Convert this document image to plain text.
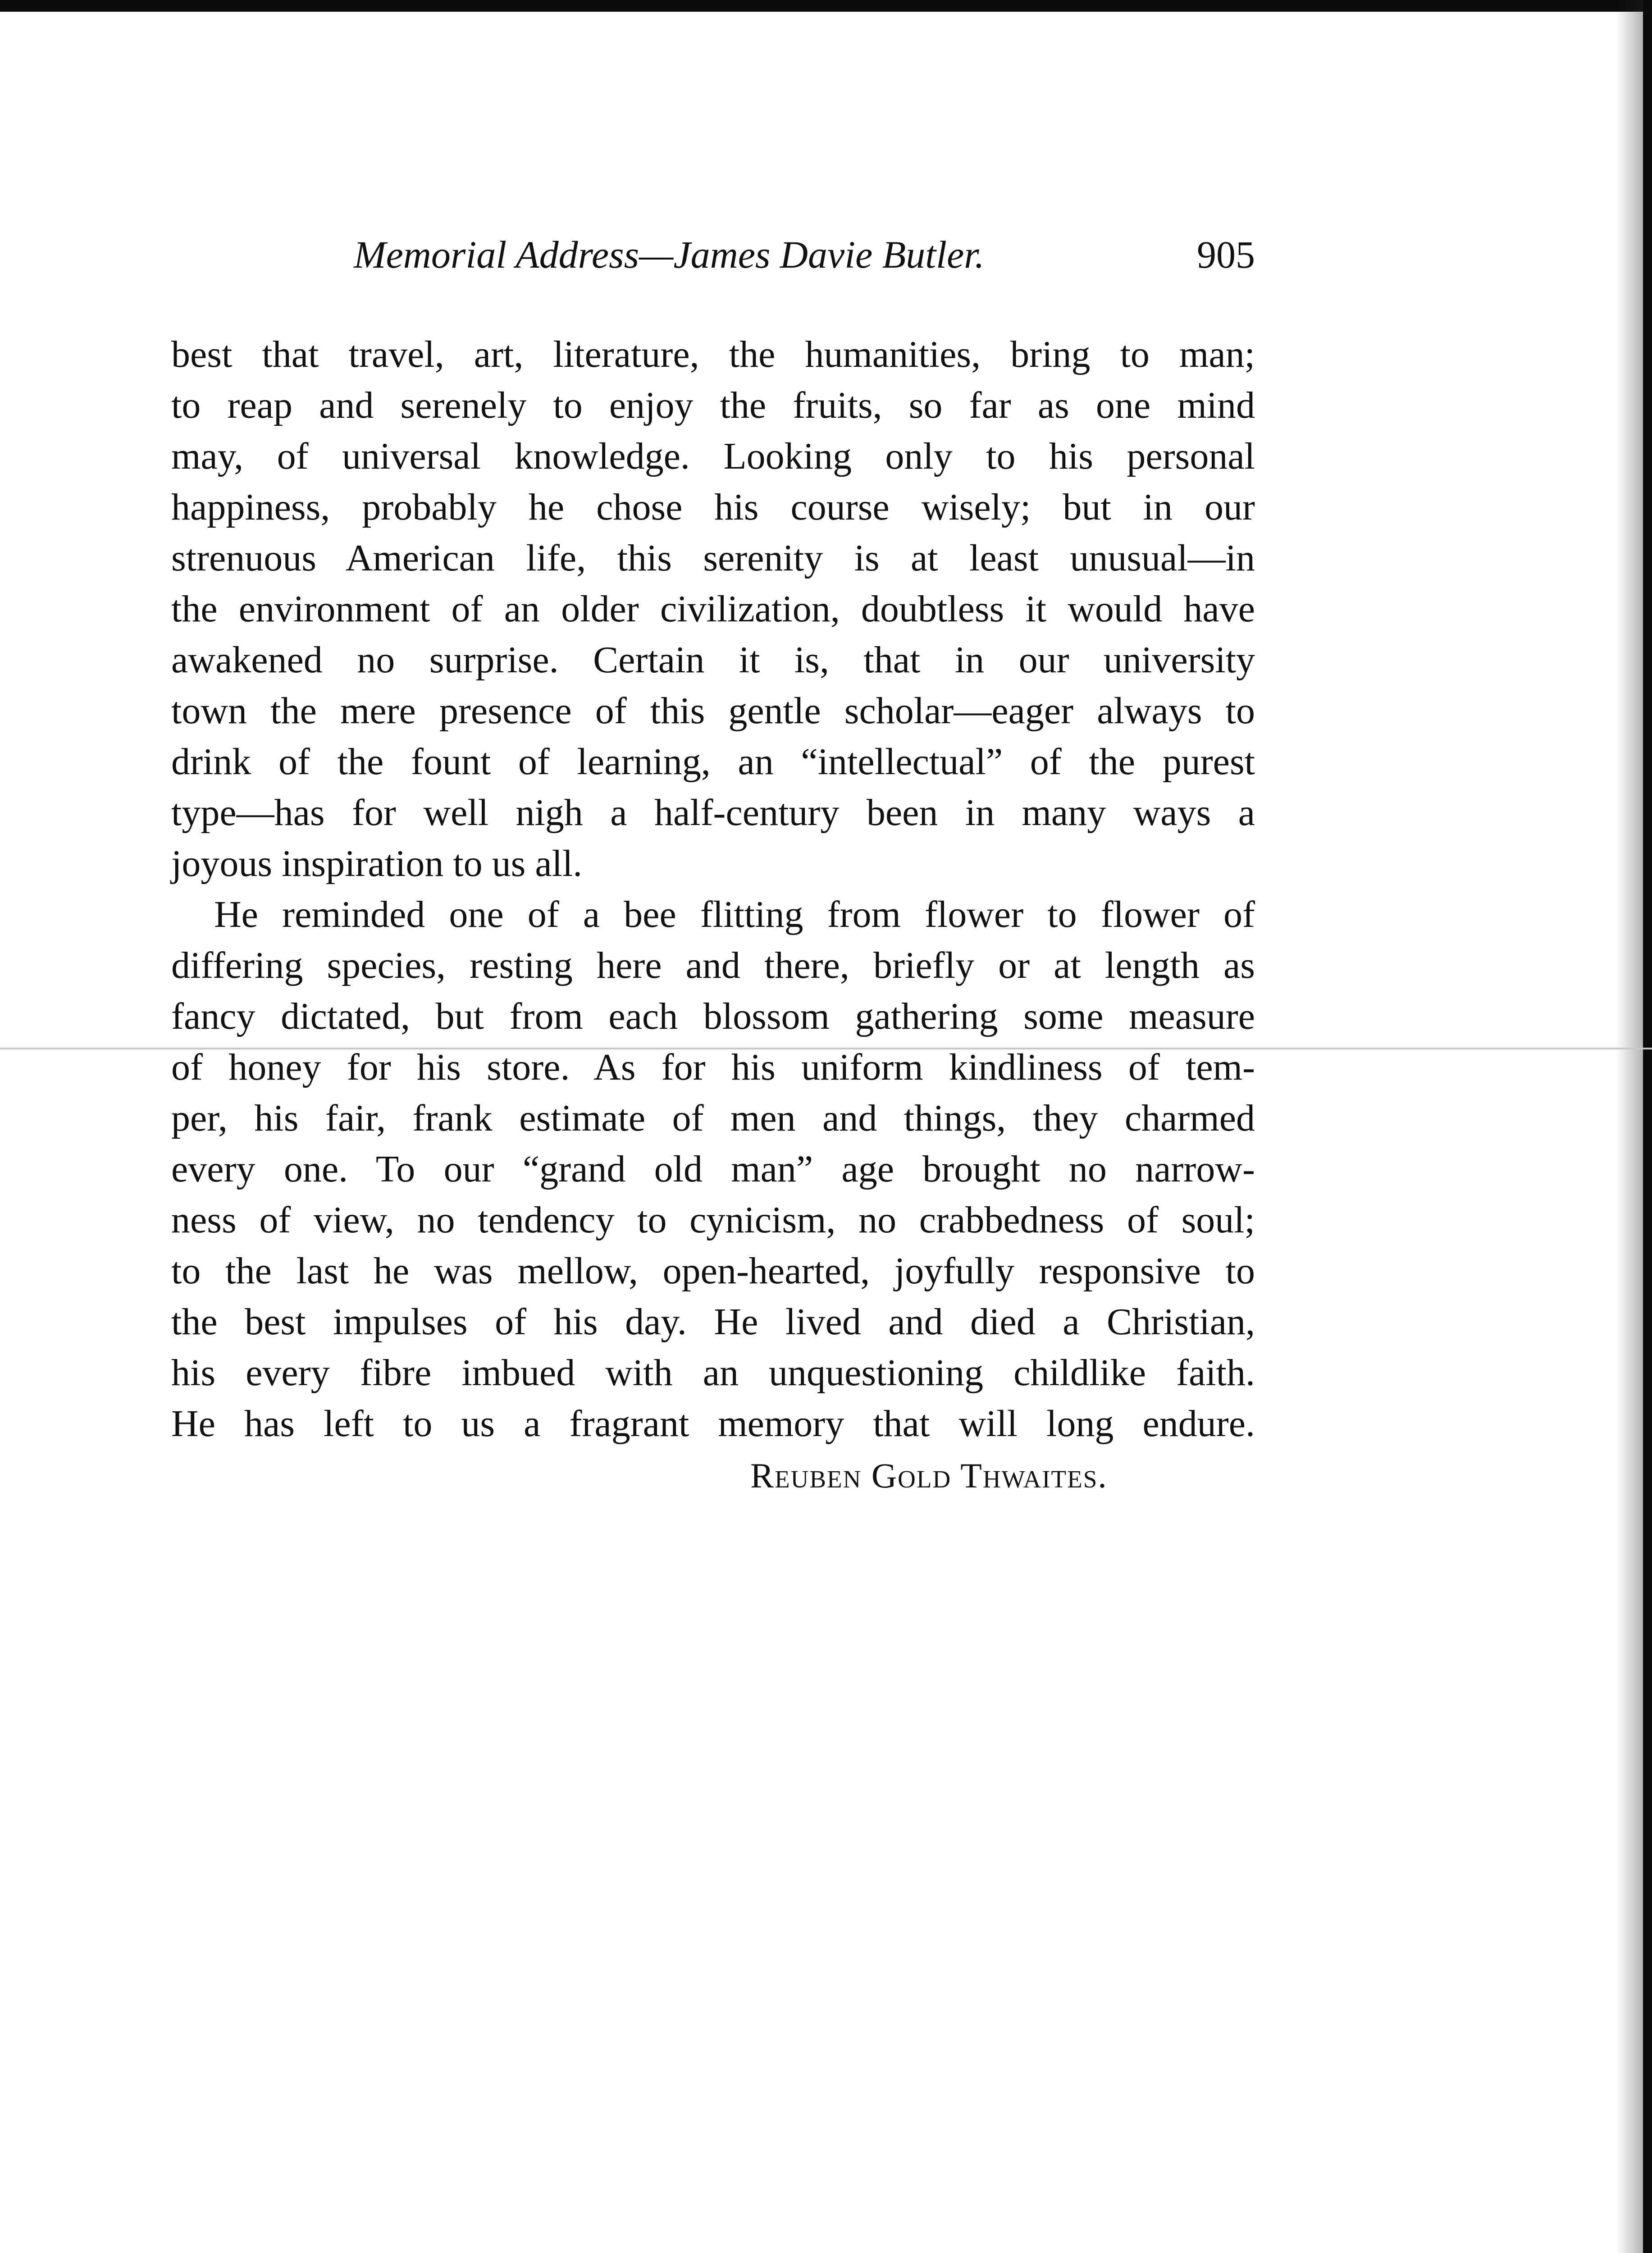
Memorial Address—James Davie Butler.	905
best that travel, art, literature, the humanities, bring to man;
to reap and serenely to enjoy the fruits, so far as one mind
may, of universal knowledge. Looking only to his personal
happiness, probably he chose his course wisely; but in our
strenuous American life, this serenity is at least unusual—in
the environment of an older civilization, doubtless it would have
awakened no surprise. Certain it is, that in our university
town the mere presence of this gentle scholar—eager always to
drink of the fount of learning, an “intellectual” of the purest
type—has for well nigh a half-century been in many ways a
joyous inspiration to us all.
He reminded one of a bee flitting from flower to flower of
differing species, resting here and there, briefly or at length as
fancy dictated, but from each blossom gathering some measure
of honey for his store. As for his uniform kindliness of tem-
per, his fair, frank estimate of men and things, they charmed
every one. To our “grand old man” age brought no narrow-
ness of view, no tendency to cynicism, no crabbedness of soul;
to the last he was mellow, open-hearted, joyfully responsive to
the best impulses of his day. He lived and died a Christian,
his every fibre imbued with an unquestioning childlike faith.
He has left to us a fragrant memory that will long endure.
Reuben Gold Thwaites.
